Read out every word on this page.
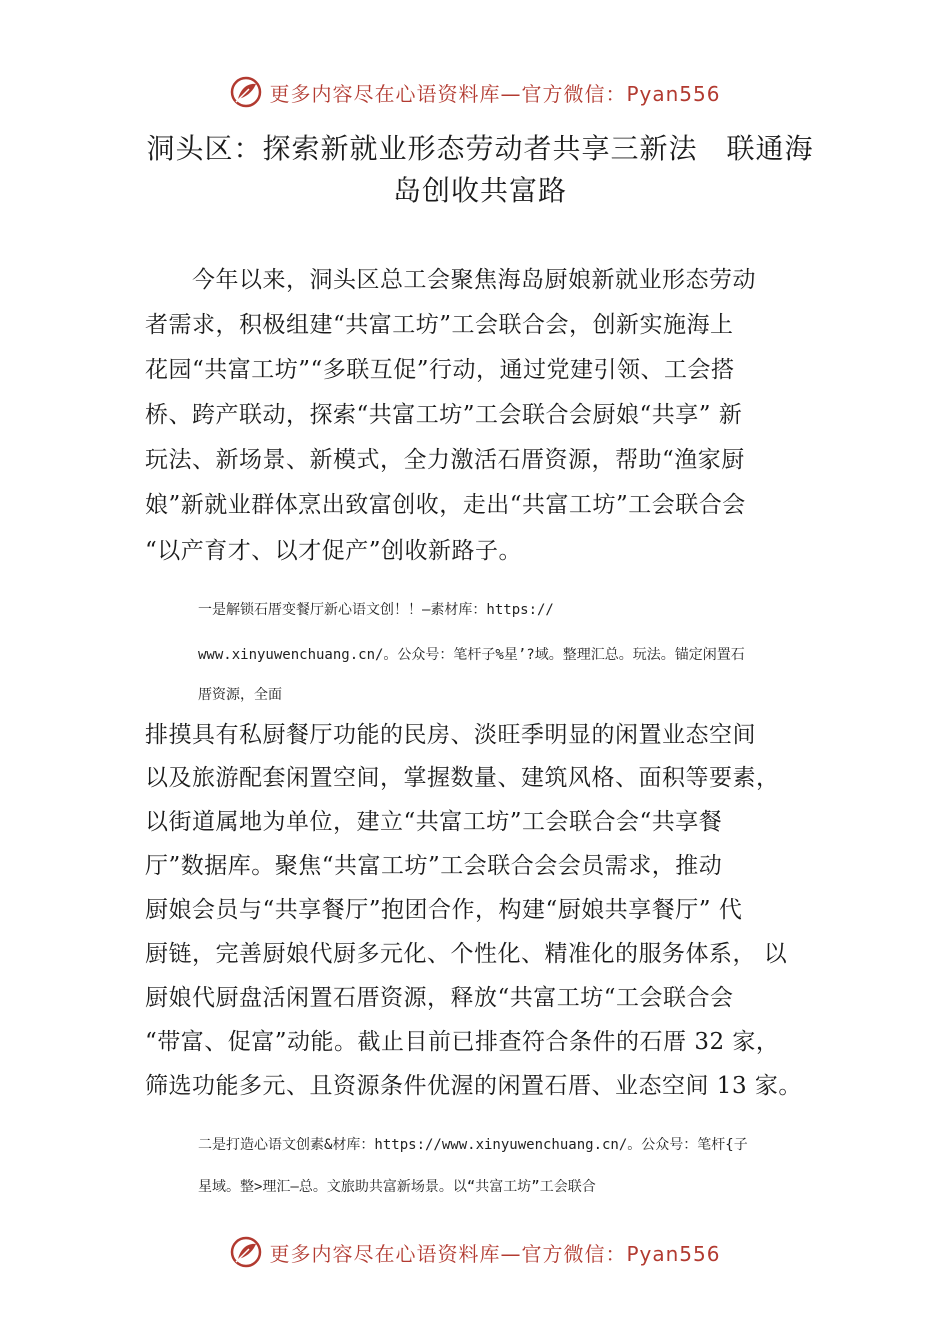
更多内容尽在心语资料库—官方微信：Pyan556
洞头区：探索新就业形态劳动者共享三新法　联通海
岛创收共富路
　　今年以来，洞头区总工会聚焦海岛厨娘新就业形态劳动
者需求，积极组建“共富工坊”工会联合会，创新实施海上
花园“共富工坊”“多联互促”行动，通过党建引领、工会搭
桥、跨产联动，探索“共富工坊”工会联合会厨娘“共享” 新
玩法、新场景、新模式，全力激活石厝资源，帮助“渔家厨
娘”新就业群体烹出致富创收，走出“共富工坊”工会联合会
“以产育才、以才促产”创收新路子。
一是解锁石厝变餐厅新心语文创！！—素材库：https://
www.xinyuwenchuang.cn/。公众号：笔杆子%星’?域。整理汇总。玩法。锚定闲置石
厝资源，全面
排摸具有私厨餐厅功能的民房、淡旺季明显的闲置业态空间
以及旅游配套闲置空间，掌握数量、建筑风格、面积等要素，
以街道属地为单位，建立“共富工坊”工会联合会“共享餐
厅”数据库。聚焦“共富工坊”工会联合会会员需求，推动
厨娘会员与“共享餐厅”抱团合作，构建“厨娘共享餐厅” 代
厨链，完善厨娘代厨多元化、个性化、精准化的服务体系， 以
厨娘代厨盘活闲置石厝资源，释放“共富工坊“工会联合会
“带富、促富”动能。截止目前已排查符合条件的石厝 32 家，
筛选功能多元、且资源条件优渥的闲置石厝、业态空间 13 家。
二是打造心语文创素&材库：https://www.xinyuwenchuang.cn/。公众号：笔杆{子
星域。整>理汇—总。文旅助共富新场景。以“共富工坊”工会联合
更多内容尽在心语资料库—官方微信：Pyan556
